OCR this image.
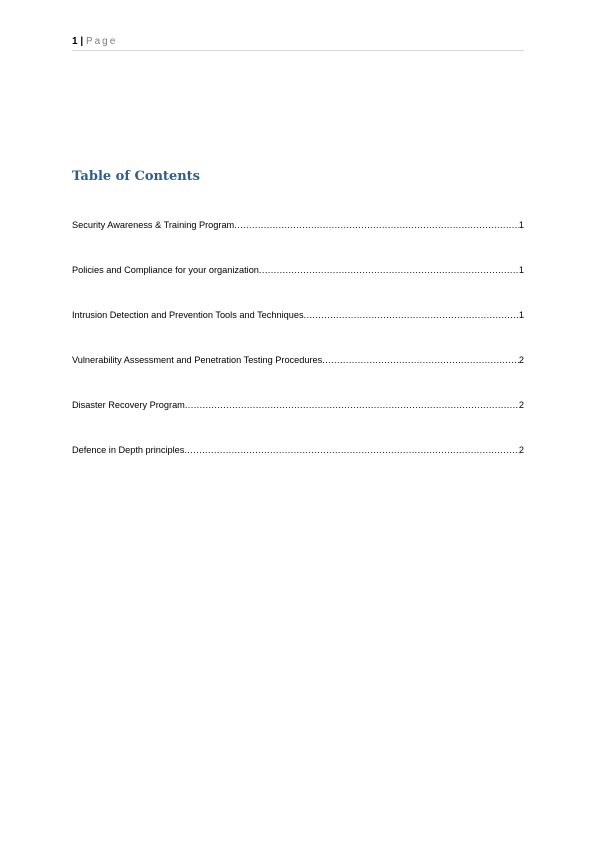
1 | Page
Table of Contents
Security Awareness & Training Program .....	1
Policies and Compliance for your organization .....	1
Intrusion Detection and Prevention Tools and Techniques .....	1
Vulnerability Assessment and Penetration Testing Procedures .....	2
Disaster Recovery Program .....	2
Defence in Depth principles .....	2
